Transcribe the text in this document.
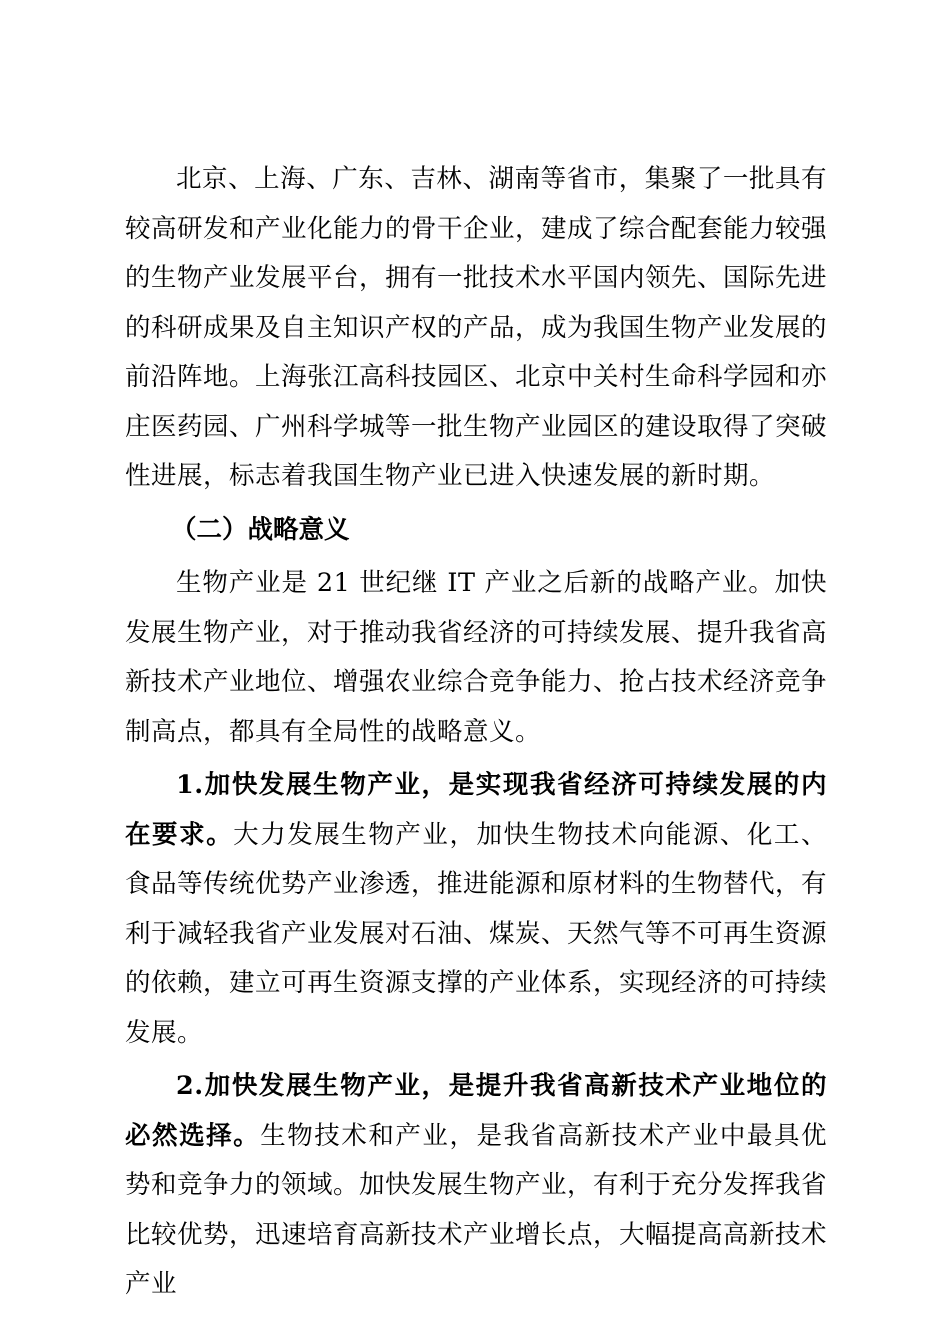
北京、上海、广东、吉林、湖南等省市，集聚了一批具有较高研发和产业化能力的骨干企业，建成了综合配套能力较强的生物产业发展平台，拥有一批技术水平国内领先、国际先进的科研成果及自主知识产权的产品，成为我国生物产业发展的前沿阵地。上海张江高科技园区、北京中关村生命科学园和亦庄医药园、广州科学城等一批生物产业园区的建设取得了突破性进展，标志着我国生物产业已进入快速发展的新时期。

（二）战略意义

生物产业是 21 世纪继 IT 产业之后新的战略产业。加快发展生物产业，对于推动我省经济的可持续发展、提升我省高新技术产业地位、增强农业综合竞争能力、抢占技术经济竞争制高点，都具有全局性的战略意义。

1.加快发展生物产业，是实现我省经济可持续发展的内在要求。大力发展生物产业，加快生物技术向能源、化工、食品等传统优势产业渗透，推进能源和原材料的生物替代，有利于减轻我省产业发展对石油、煤炭、天然气等不可再生资源的依赖，建立可再生资源支撑的产业体系，实现经济的可持续发展。

2.加快发展生物产业，是提升我省高新技术产业地位的必然选择。生物技术和产业，是我省高新技术产业中最具优势和竞争力的领域。加快发展生物产业，有利于充分发挥我省比较优势，迅速培育高新技术产业增长点，大幅提高高新技术产业
